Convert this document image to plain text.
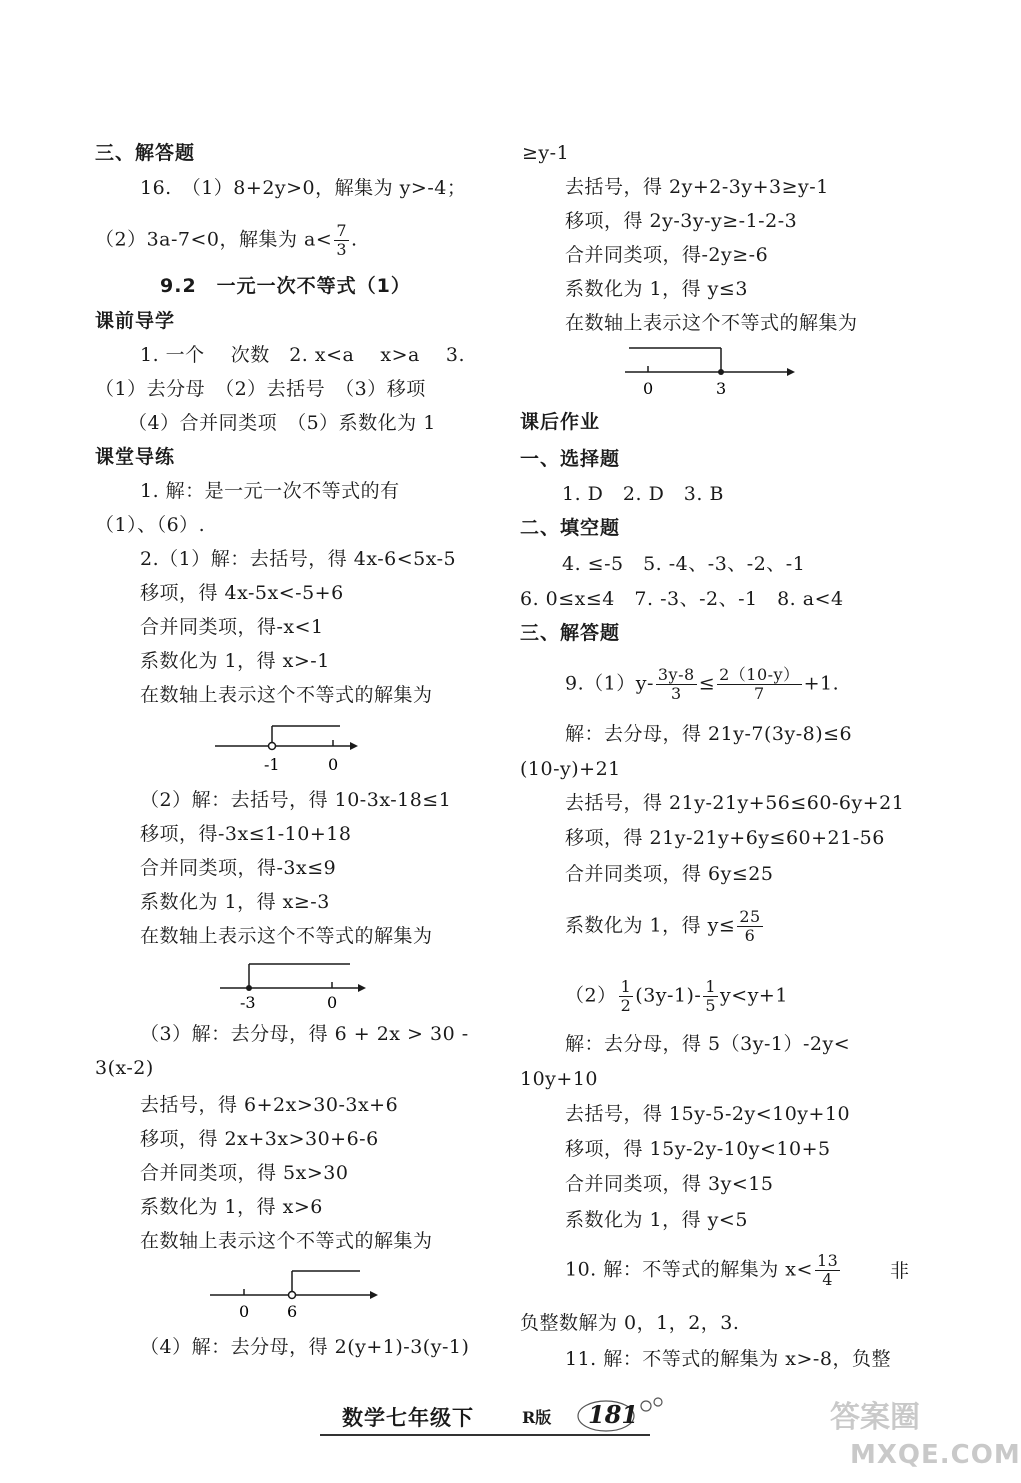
三、解答题
16.　（1）8+2y>0，解集为 y>-4；
（2）3a-7<0，解集为 $a< \frac{7}{3}$ .
9.2　一元一次不等式（1）
课前导学
1. 一个　 次数　2. x<a　 x>a　 3.
（1）去分母　（2）去括号　（3）移项
（4）合并同类项　（5）系数化为 1
课堂导练
1. 解：是一元一次不等式的有
（1）、（6）.
2.（1）解：去括号，得 4x-6<5x-5
移项，得 4x-5x<-5+6
合并同类项，得-x<1
系数化为 1，得 x>-1
在数轴上表示这个不等式的解集为
-1	0
（2）解：去括号，得 10-3x-18≤1
移项，得-3x≤1-10+18
合并同类项，得-3x≤9
系数化为 1，得 x≥-3
在数轴上表示这个不等式的解集为
-3	0
（3）解：去分母，得 6 + 2x > 30 -
3(x-2)
去括号，得 6+2x>30-3x+6
移项，得 2x+3x>30+6-6
合并同类项，得 5x>30
系数化为 1，得 x>6
在数轴上表示这个不等式的解集为
0 6
（4）解：去分母，得 2(y+1)-3(y-1)
≥y-1
去括号，得 2y+2-3y+3≥y-1
移项，得 2y-3y-y≥-1-2-3
合并同类项，得-2y≥-6
系数化为 1，得 y≤3
在数轴上表示这个不等式的解集为
0	3
课后作业
一、选择题
1. D　2. D　3. B
二、填空题
4. ≤-5　5. -4、-3、-2、-1
6. 0≤x≤4　7. -3、-2、-1　8. a<4
三、解答题
$9.(1)y- \frac{3y-8}{3} \le \frac{2(10-y)}{7} +1$.
解：去分母，得 21y-7(3y-8)≤6
(10-y)+21
去括号，得 21y-21y+56≤60-6y+21
移项，得 21y-21y+6y≤60+21-56
合并同类项，得 6y≤25
系数化为 1，得 $y\le \frac{25}{6}$
$(2) \frac{1}{2} (3y-1)- \frac{1}{5} y<y+1$
解：去分母，得 5（3y-1）-2y<
10y+10
去括号，得 15y-5-2y<10y+10
移项，得 15y-2y-10y<10+5
合并同类项，得 3y<15
系数化为 1，得 y<5
10. 解：不等式的解集为 $x< \frac{13}{4}$	非
负整数解为 0，1，2，3.
11. 解：不等式的解集为 x>-8，负整
数学七年级下	R版 181	答案圈
MXQE.COM
